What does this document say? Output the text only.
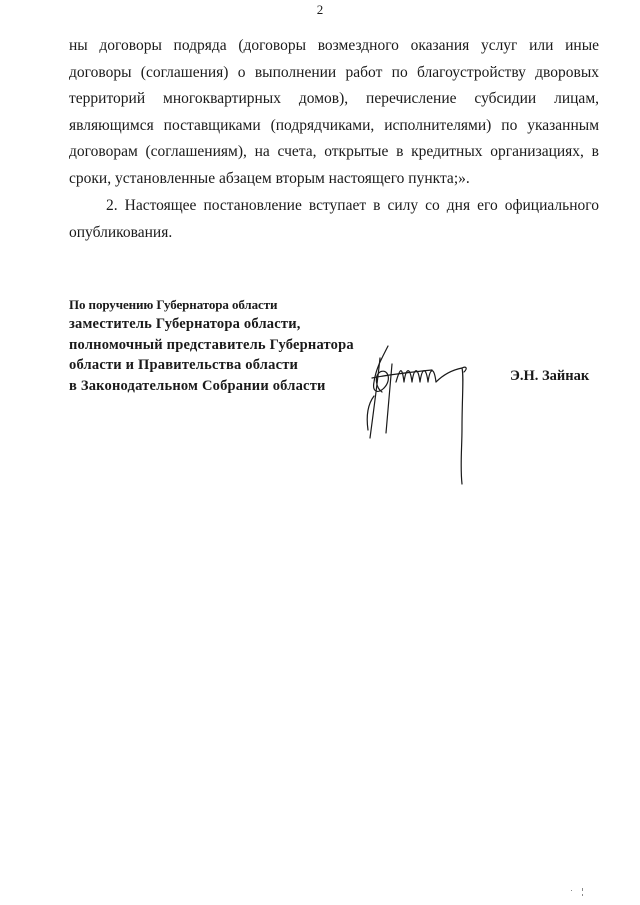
2

ны договоры подряда (договоры возмездного оказания услуг или иные договоры (соглашения) о выполнении работ по благоустройству дворовых территорий многоквартирных домов), перечисление субсидии лицам, являющимся поставщиками (подрядчиками, исполнителями) по указанным договорам (соглашениям), на счета, открытые в кредитных организациях, в сроки, установленные абзацем вторым настоящего пункта;».

2. Настоящее постановление вступает в силу со дня его официального опубликования.

По поручению Губернатора области
заместитель Губернатора области,
полномочный представитель Губернатора
области и Правительства области
в Законодательном Собрании области
Э.Н. Зайнак
